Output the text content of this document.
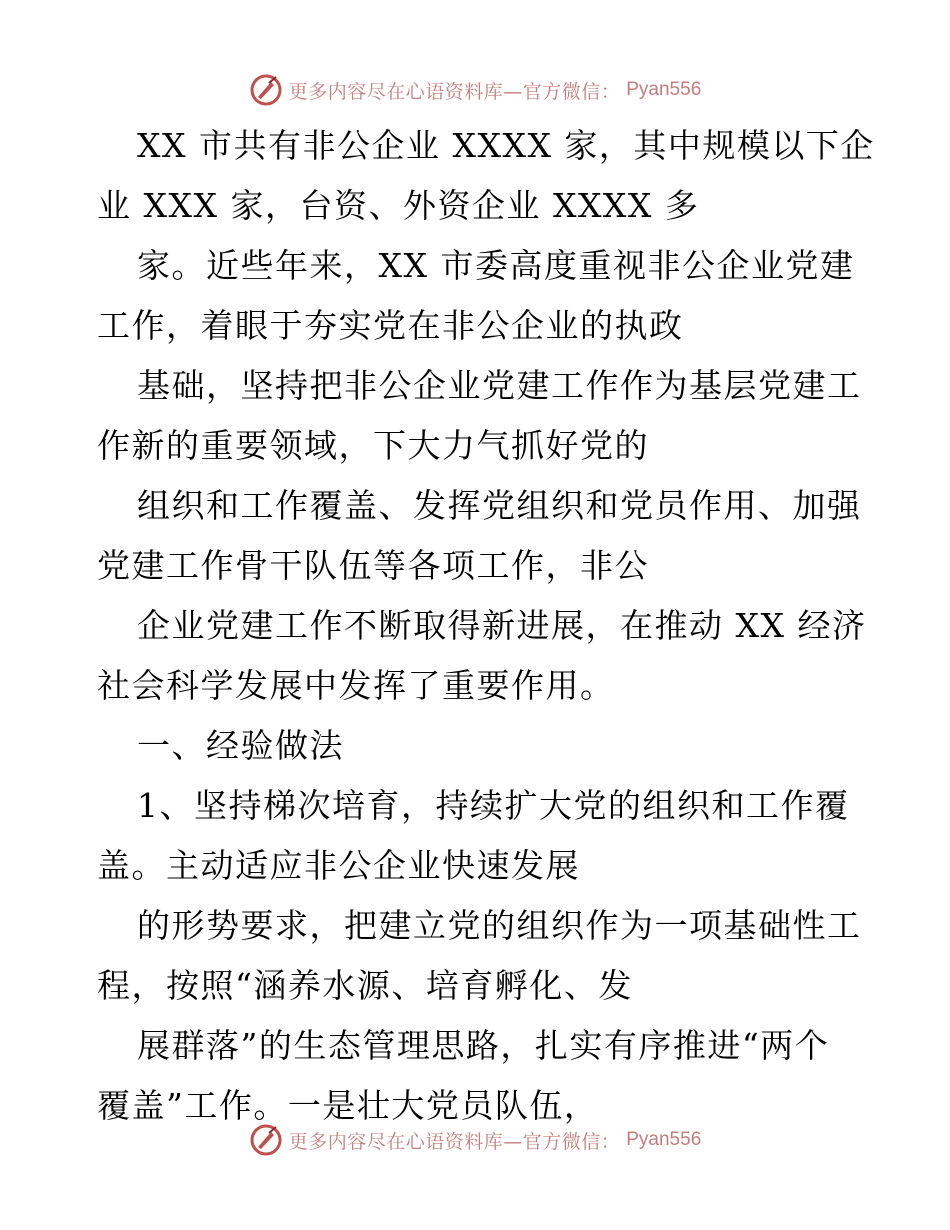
更多内容尽在心语资料库—官方微信： Pyan556
XX 市共有非公企业 XXXX 家，其中规模以下企
业 XXX 家，台资、外资企业 XXXX 多
家。近些年来，XX 市委高度重视非公企业党建
工作，着眼于夯实党在非公企业的执政
基础，坚持把非公企业党建工作作为基层党建工
作新的重要领域，下大力气抓好党的
组织和工作覆盖、发挥党组织和党员作用、加强
党建工作骨干队伍等各项工作，非公
企业党建工作不断取得新进展，在推动 XX 经济
社会科学发展中发挥了重要作用。
一、经验做法
1、坚持梯次培育，持续扩大党的组织和工作覆
盖。主动适应非公企业快速发展
的形势要求，把建立党的组织作为一项基础性工
程，按照“涵养水源、培育孵化、发
展群落”的生态管理思路，扎实有序推进“两个
覆盖”工作。一是壮大党员队伍，
更多内容尽在心语资料库—官方微信： Pyan556
